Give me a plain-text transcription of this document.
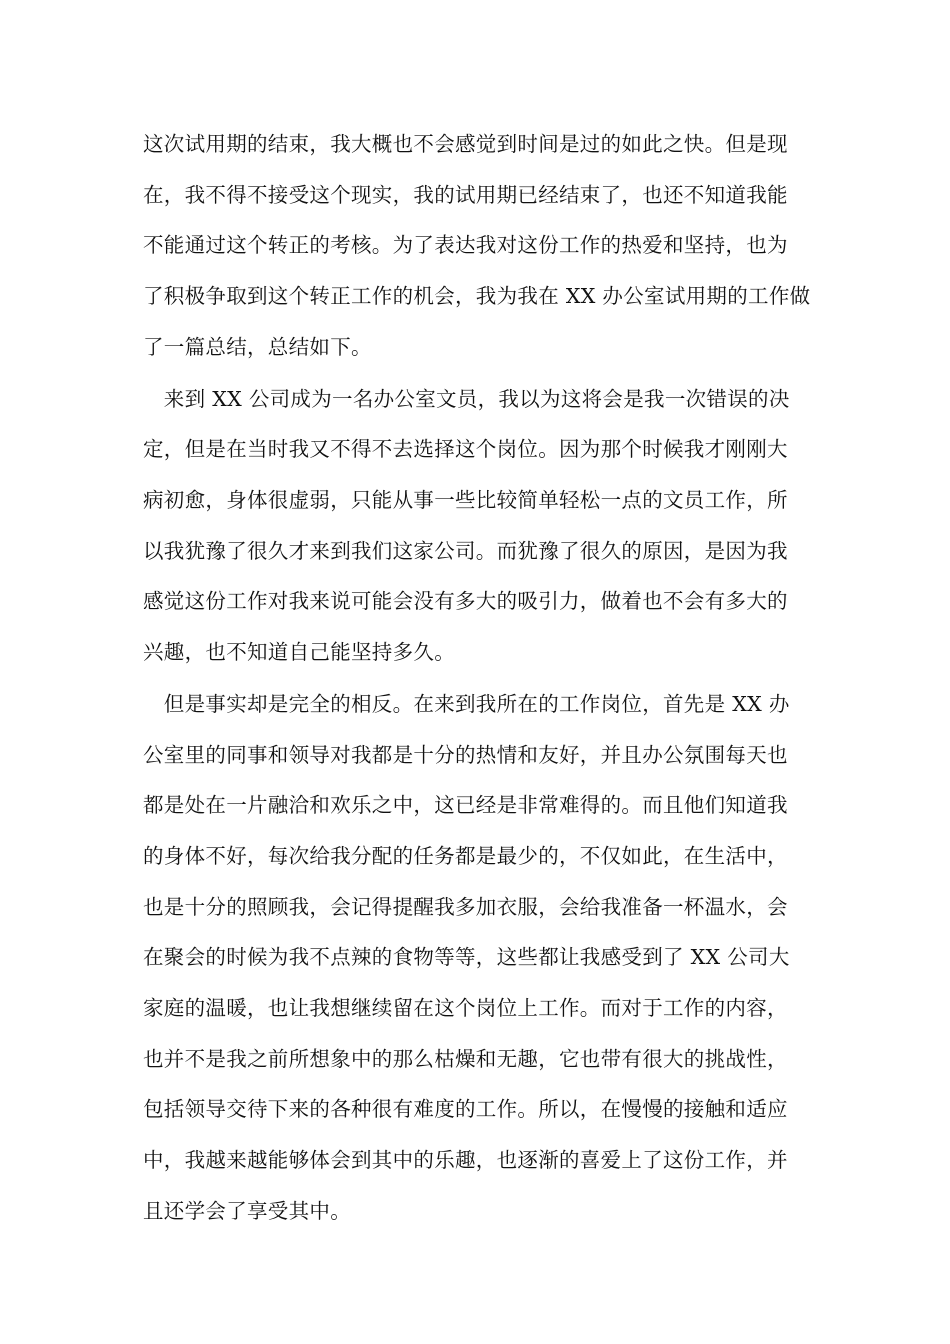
这次试用期的结束，我大概也不会感觉到时间是过的如此之快。但是现
在，我不得不接受这个现实，我的试用期已经结束了，也还不知道我能
不能通过这个转正的考核。为了表达我对这份工作的热爱和坚持，也为
了积极争取到这个转正工作的机会，我为我在 XX 办公室试用期的工作做
了一篇总结，总结如下。
　来到 XX 公司成为一名办公室文员，我以为这将会是我一次错误的决
定，但是在当时我又不得不去选择这个岗位。因为那个时候我才刚刚大
病初愈，身体很虚弱，只能从事一些比较简单轻松一点的文员工作，所
以我犹豫了很久才来到我们这家公司。而犹豫了很久的原因，是因为我
感觉这份工作对我来说可能会没有多大的吸引力，做着也不会有多大的
兴趣，也不知道自己能坚持多久。
　但是事实却是完全的相反。在来到我所在的工作岗位，首先是 XX 办
公室里的同事和领导对我都是十分的热情和友好，并且办公氛围每天也
都是处在一片融洽和欢乐之中，这已经是非常难得的。而且他们知道我
的身体不好，每次给我分配的任务都是最少的，不仅如此，在生活中，
也是十分的照顾我，会记得提醒我多加衣服，会给我准备一杯温水，会
在聚会的时候为我不点辣的食物等等，这些都让我感受到了 XX 公司大
家庭的温暖，也让我想继续留在这个岗位上工作。而对于工作的内容，
也并不是我之前所想象中的那么枯燥和无趣，它也带有很大的挑战性，
包括领导交待下来的各种很有难度的工作。所以，在慢慢的接触和适应
中，我越来越能够体会到其中的乐趣，也逐渐的喜爱上了这份工作，并
且还学会了享受其中。
